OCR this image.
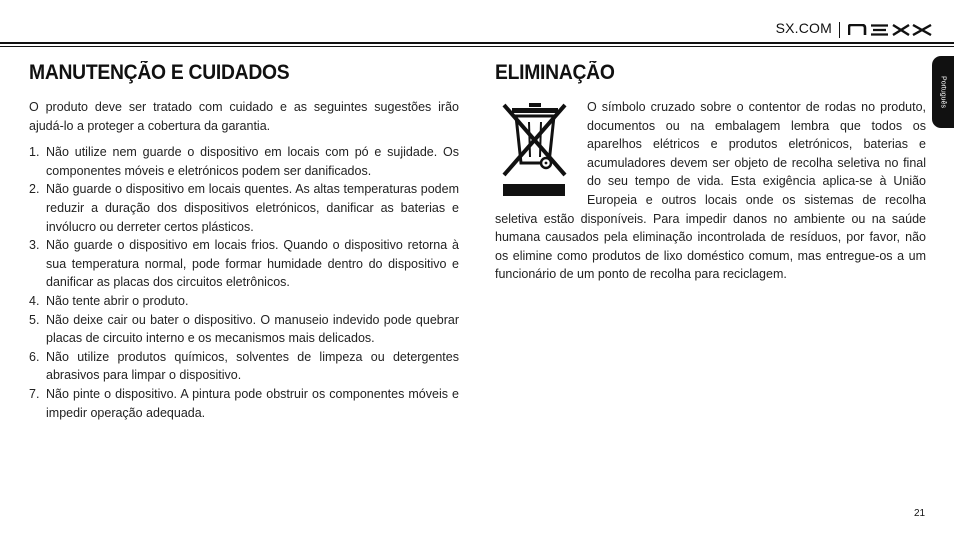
SX.COM
Português
MANUTENÇÃO E CUIDADOS	ELIMINAÇÃO

O produto deve ser tratado com cuidado e as seguintes sugestões irão ajudá-lo a proteger a cobertura da garantia.

1. Não utilize nem guarde o dispositivo em locais com pó e sujidade. Os componentes móveis e eletrónicos podem ser danificados.
2. Não guarde o dispositivo em locais quentes. As altas temperaturas podem reduzir a duração dos dispositivos eletrónicos, danificar as baterias e invólucro ou derreter certos plásticos.
3. Não guarde o dispositivo em locais frios. Quando o dispositivo retorna à sua temperatura normal, pode formar humidade dentro do dispositivo e danificar as placas dos circuitos eletrônicos.
4. Não tente abrir o produto.
5. Não deixe cair ou bater o dispositivo. O manuseio indevido pode quebrar placas de circuito interno e os mecanismos mais delicados.
6. Não utilize produtos químicos, solventes de limpeza ou detergentes abrasivos para limpar o dispositivo.
7. Não pinte o dispositivo. A pintura pode obstruir os componentes móveis e impedir operação adequada.

O símbolo cruzado sobre o contentor de rodas no produto, documentos ou na embalagem lembra que todos os aparelhos elétricos e produtos eletrónicos, baterias e acumuladores devem ser objeto de recolha seletiva no final do seu tempo de vida. Esta exigência aplica-se à União Europeia e outros locais onde os sistemas de recolha seletiva estão disponíveis. Para impedir danos no ambiente ou na saúde humana causados pela eliminação incontrolada de resíduos, por favor, não os elimine como produtos de lixo doméstico comum, mas entregue-os a um funcionário de um ponto de recolha para reciclagem.

21
